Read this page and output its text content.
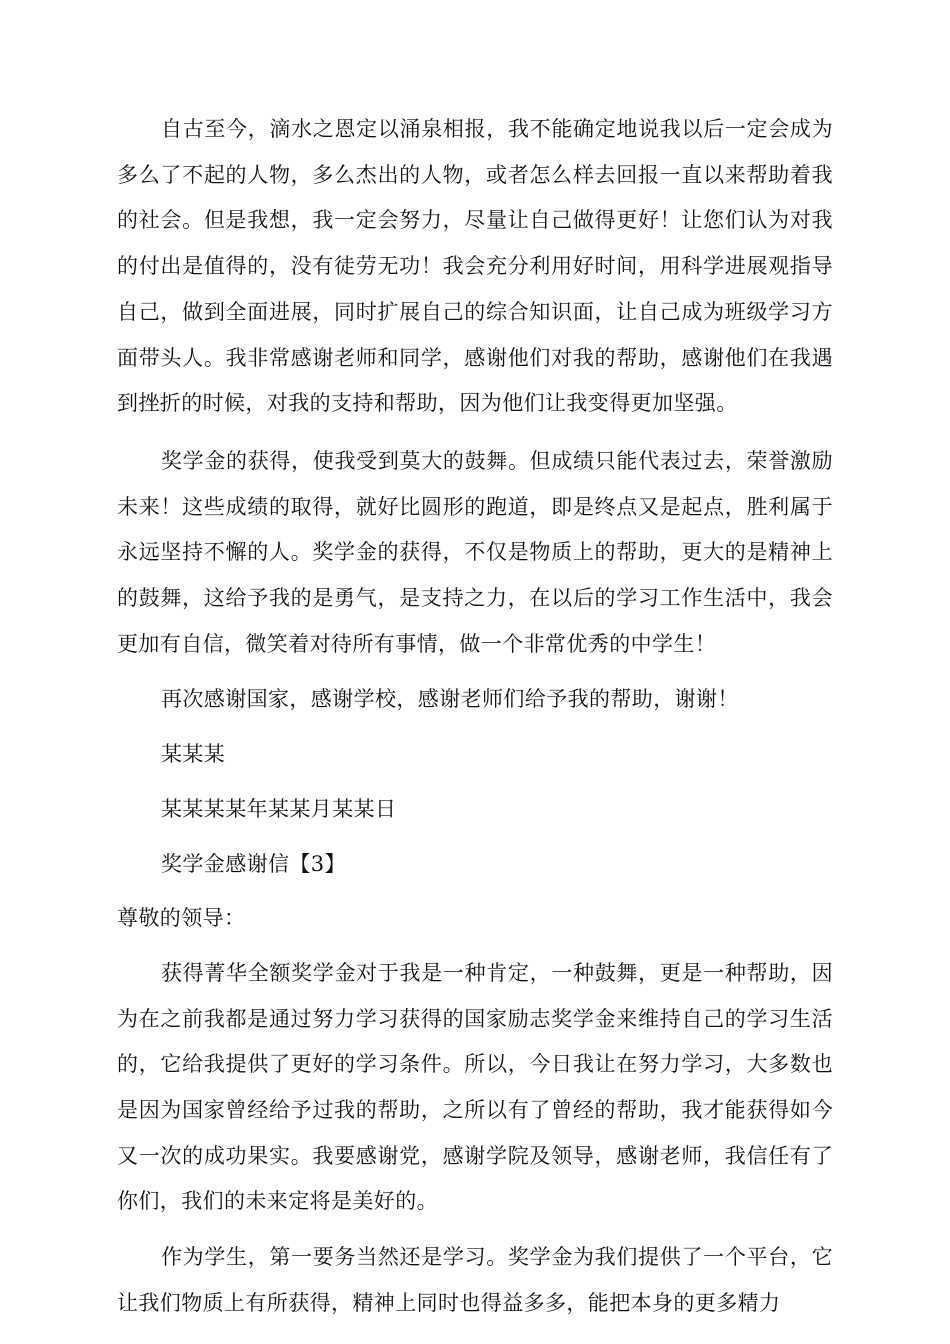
自古至今，滴水之恩定以涌泉相报，我不能确定地说我以后一定会成为多么了不起的人物，多么杰出的人物，或者怎么样去回报一直以来帮助着我的社会。但是我想，我一定会努力，尽量让自己做得更好！让您们认为对我的付出是值得的，没有徒劳无功！我会充分利用好时间，用科学进展观指导自己，做到全面进展，同时扩展自己的综合知识面，让自己成为班级学习方面带头人。我非常感谢老师和同学，感谢他们对我的帮助，感谢他们在我遇到挫折的时候，对我的支持和帮助，因为他们让我变得更加坚强。

奖学金的获得，使我受到莫大的鼓舞。但成绩只能代表过去，荣誉激励未来！这些成绩的取得，就好比圆形的跑道，即是终点又是起点，胜利属于永远坚持不懈的人。奖学金的获得，不仅是物质上的帮助，更大的是精神上的鼓舞，这给予我的是勇气，是支持之力，在以后的学习工作生活中，我会更加有自信，微笑着对待所有事情，做一个非常优秀的中学生！

再次感谢国家，感谢学校，感谢老师们给予我的帮助，谢谢！

某某某

某某某某年某某月某某日

奖学金感谢信【3】

尊敬的领导：

获得菁华全额奖学金对于我是一种肯定，一种鼓舞，更是一种帮助，因为在之前我都是通过努力学习获得的国家励志奖学金来维持自己的学习生活的，它给我提供了更好的学习条件。所以，今日我让在努力学习，大多数也是因为国家曾经给予过我的帮助，之所以有了曾经的帮助，我才能获得如今又一次的成功果实。我要感谢党，感谢学院及领导，感谢老师，我信任有了你们，我们的未来定将是美好的。

作为学生，第一要务当然还是学习。奖学金为我们提供了一个平台，它让我们物质上有所获得，精神上同时也得益多多，能把本身的更多精力
